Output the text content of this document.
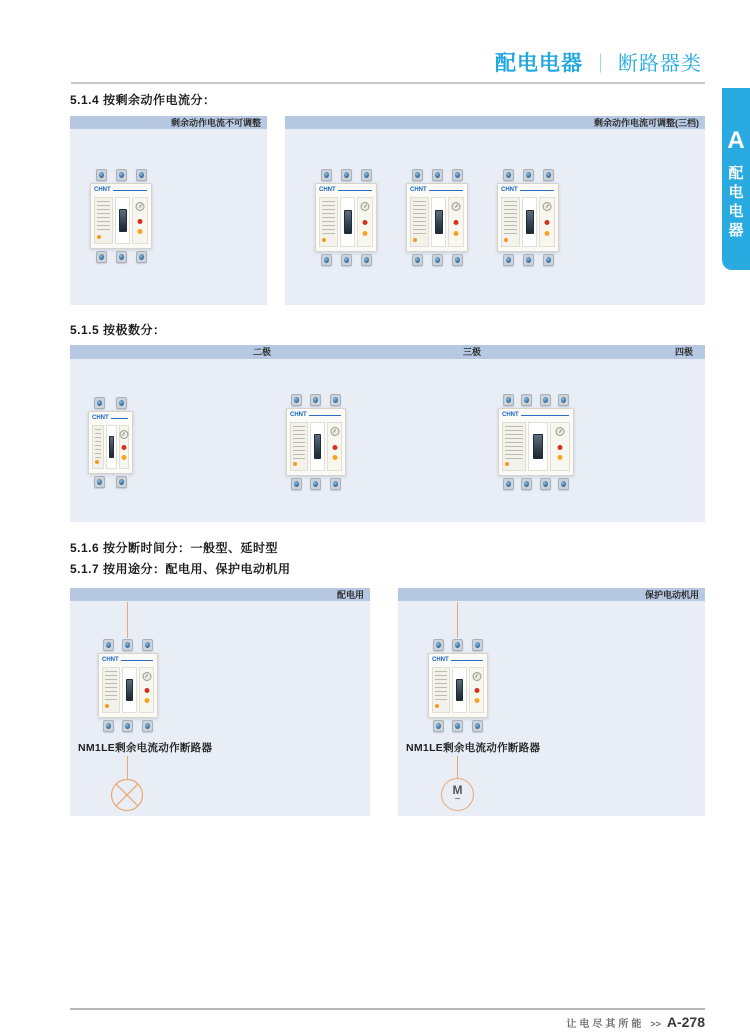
配电电器 ｜ 断路器类
A
配电电器
5.1.4 按剩余动作电流分：
剩余动作电流不可调整
CHNT
剩余动作电流可调整(三档)
CHNT	CHNT	CHNT
5.1.5 按极数分：
二极	三极	四极
CHNT	CHNT	CHNT
5.1.6 按分断时间分：一般型、延时型
5.1.7 按用途分：配电用、保护电动机用
配电用
CHNT
NM1LE剩余电流动作断路器
保护电动机用
CHNT
NM1LE剩余电流动作断路器
M
~
让电尽其所能 >> A-278
